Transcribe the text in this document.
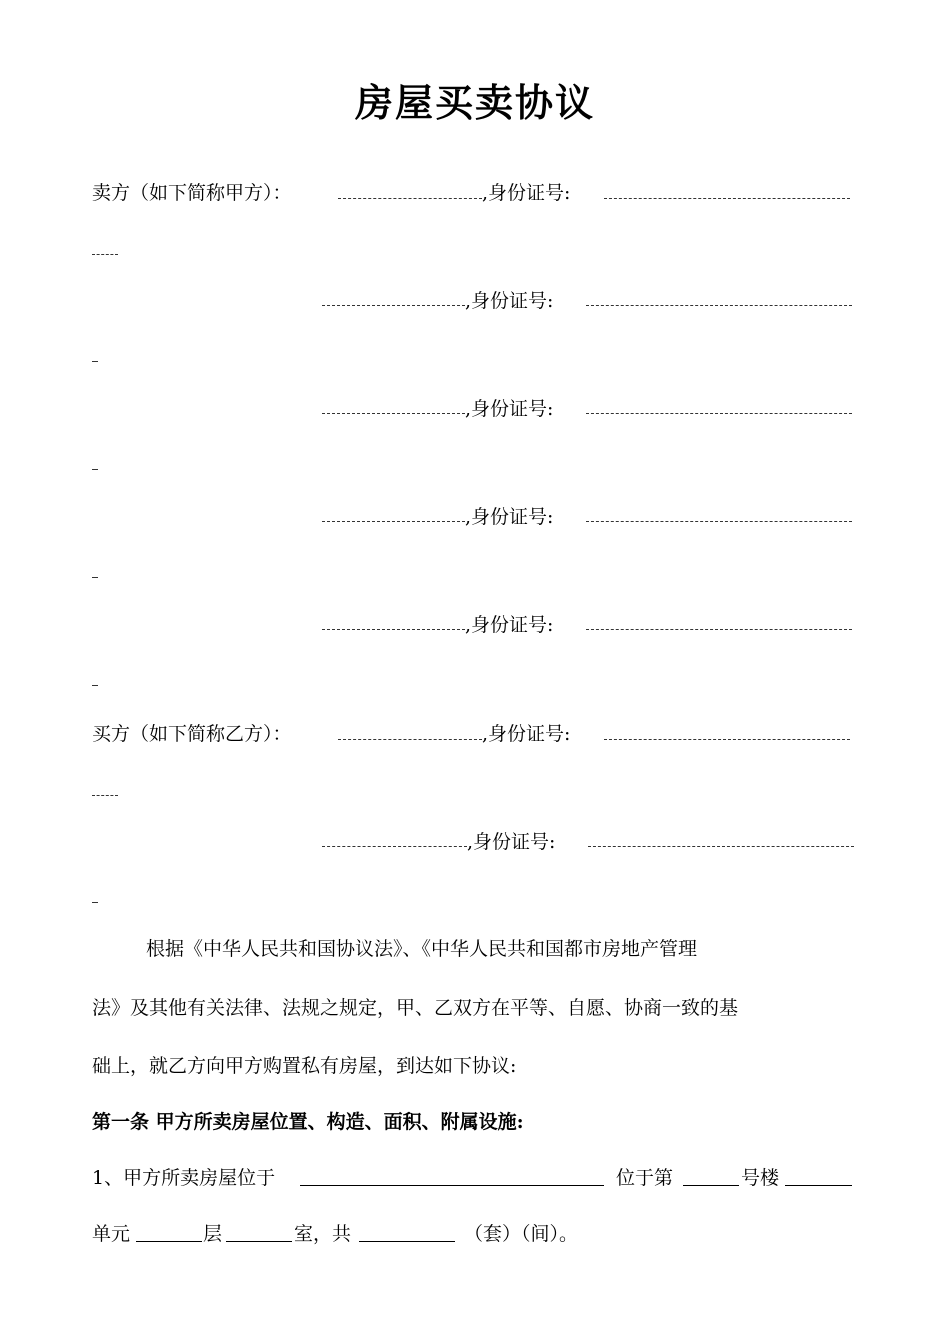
房屋买卖协议
卖方（如下简称甲方）：	,身份证号:
,身份证号:
,身份证号:
,身份证号:
,身份证号:
买方（如下简称乙方）：	,身份证号:
,身份证号:
根据《中华人民共和国协议法》、《中华人民共和国都市房地产管理
法》及其他有关法律、法规之规定，甲、乙双方在平等、自愿、协商一致的基
础上，就乙方向甲方购置私有房屋，到达如下协议:
第一条 甲方所卖房屋位置、构造、面积、附属设施:
1、甲方所卖房屋位于	位于第	号楼
单元	层	室，共	（套）（间）。
